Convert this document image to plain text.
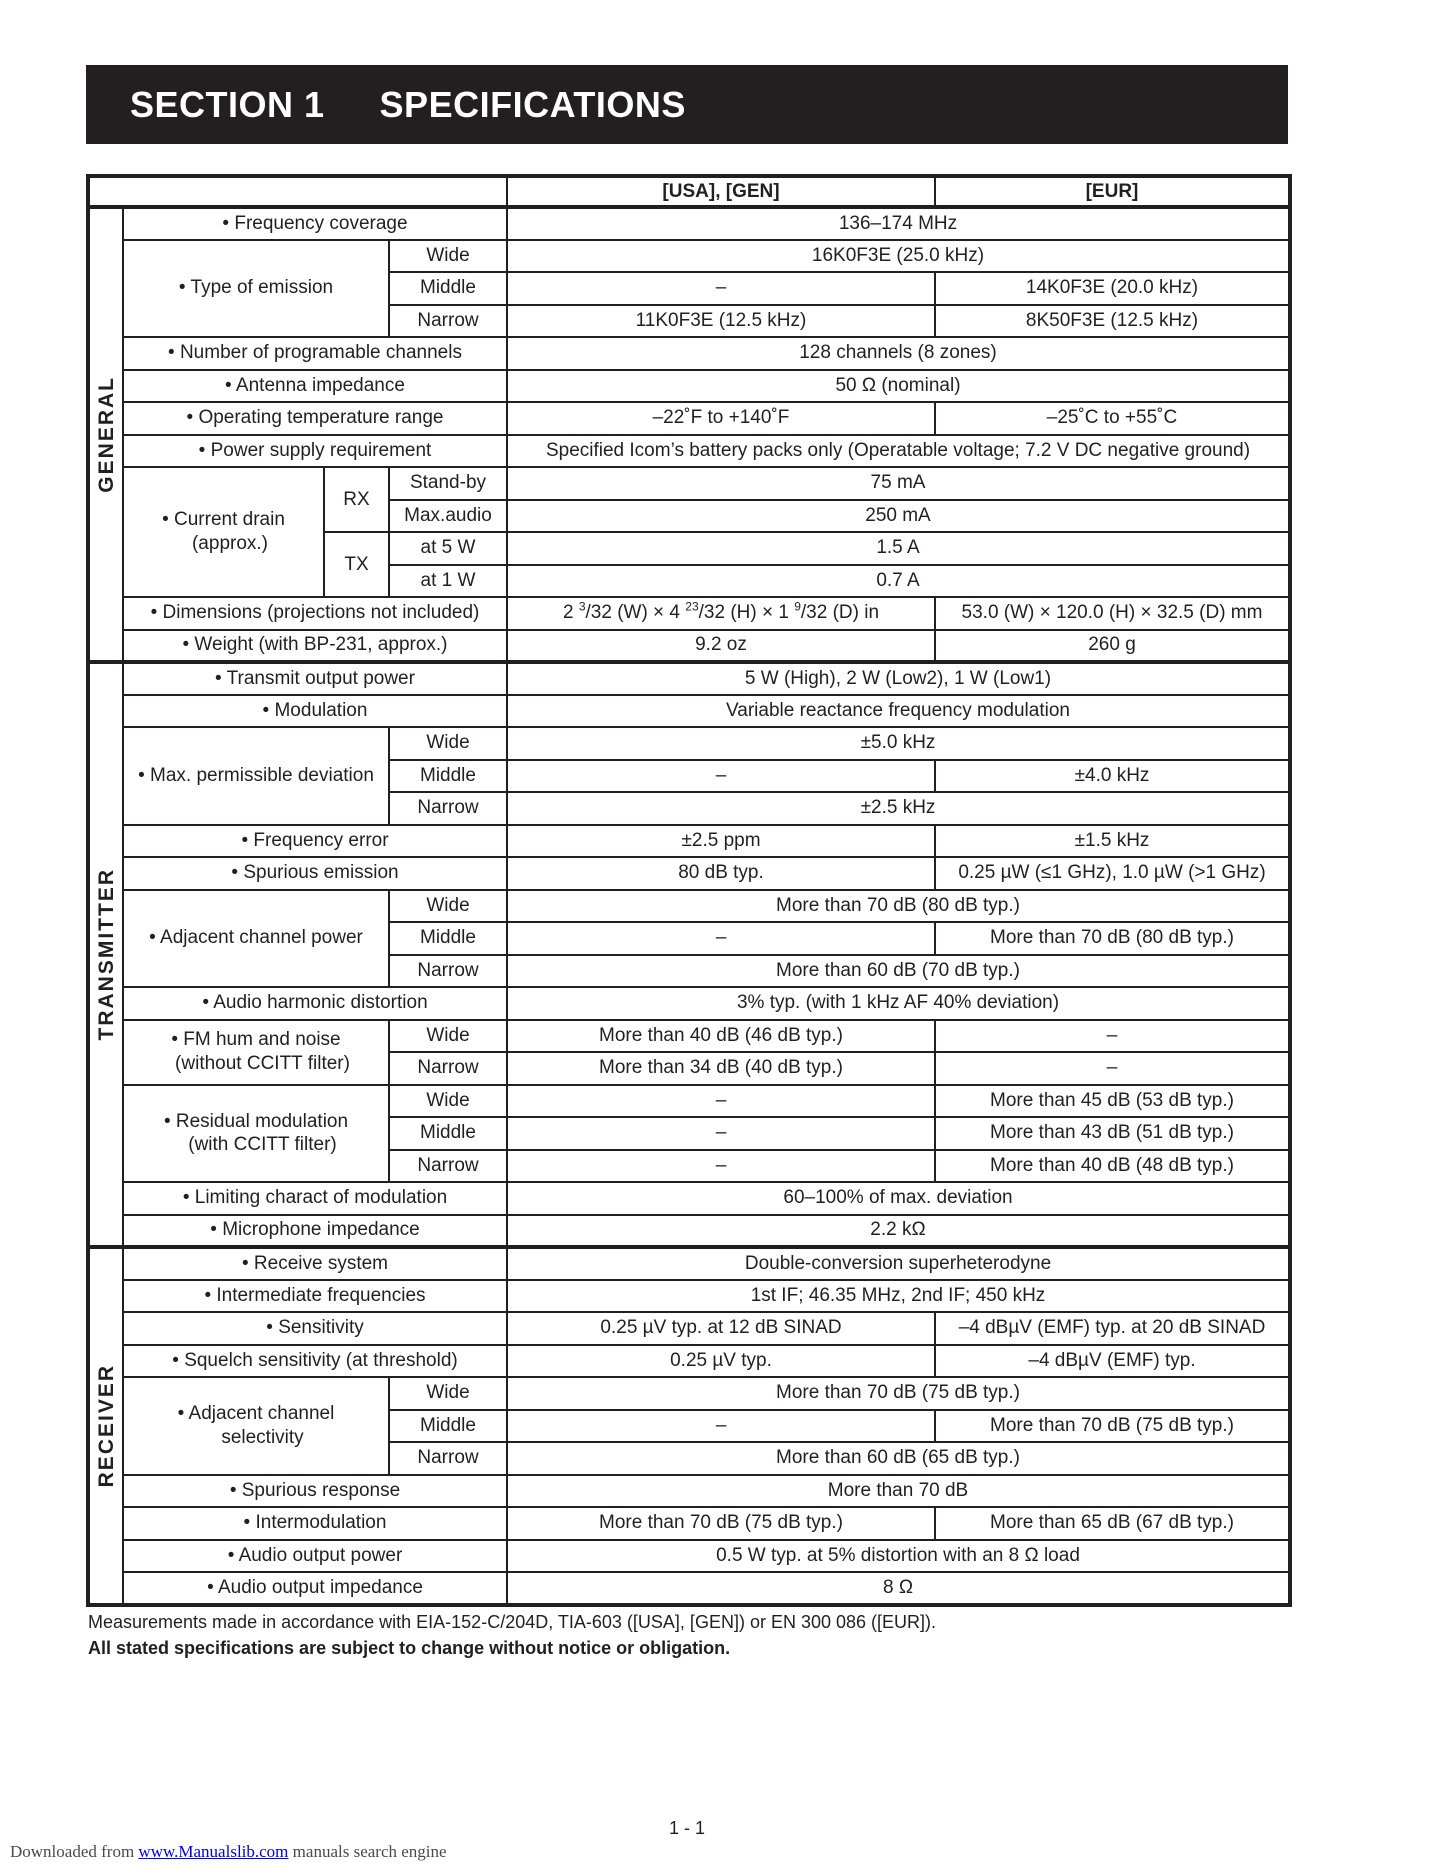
SECTION 1 SPECIFICATIONS
				[USA], [GEN]	[EUR]

GENERAL	• Frequency coverage			136–174 MHz	
	• Type of emission		Wide	16K0F3E (25.0 kHz)	
			Middle	–	14K0F3E (20.0 kHz)
			Narrow	11K0F3E (12.5 kHz)	8K50F3E (12.5 kHz)
	• Number of programable channels			128 channels (8 zones)	
	• Antenna impedance			50 Ω (nominal)	
	• Operating temperature range			–22˚F to +140˚F	–25˚C to +55˚C
	• Power supply requirement			Specified Icom’s battery packs only (Operatable voltage; 7.2 V DC negative ground)	

	• Current drain
(approx.)	RX	Stand-by	75 mA	
			Max.audio	250 mA	
		TX	at 5 W	1.5 A	
			at 1 W	0.7 A	
	• Dimensions (projections not included)			2 $^3$/32 (W) × 4 $^{23}$/32 (H) × 1 $^9$/32 (D) in	53.0 (W) × 120.0 (H) × 32.5 (D) mm
	• Weight (with BP-231, approx.)			9.2 oz	260 g

TRANSMITTER	• Transmit output power			5 W (High), 2 W (Low2), 1 W (Low1)	
	• Modulation			Variable reactance frequency modulation	
	• Max. permissible deviation		Wide	±5.0 kHz	
			Middle	–	±4.0 kHz
			Narrow	±2.5 kHz	
	• Frequency error			±2.5 ppm	±1.5 kHz
	• Spurious emission			80 dB typ.	0.25 µW (≤1 GHz), 1.0 µW (>1 GHz)
	• Adjacent channel power		Wide	More than 70 dB (80 dB typ.)	
			Middle	–	More than 70 dB (80 dB typ.)
			Narrow	More than 60 dB (70 dB typ.)	
	• Audio harmonic distortion			3% typ. (with 1 kHz AF 40% deviation)	

	• FM hum and noise
(without CCITT filter)		Wide	More than 40 dB (46 dB typ.)	–
			Narrow	More than 34 dB (40 dB typ.)	–

	• Residual modulation
(with CCITT filter)		Wide	–	More than 45 dB (53 dB typ.)
			Middle	–	More than 43 dB (51 dB typ.)
			Narrow	–	More than 40 dB (48 dB typ.)
	• Limiting charact of modulation			60–100% of max. deviation	
	• Microphone impedance			2.2 kΩ	

RECEIVER	• Receive system			Double-conversion superheterodyne	
	• Intermediate frequencies			1st IF; 46.35 MHz, 2nd IF; 450 kHz	
	• Sensitivity			0.25 µV typ. at 12 dB SINAD	–4 dBµV (EMF) typ. at 20 dB SINAD
	• Squelch sensitivity (at threshold)			0.25 µV typ.	–4 dBµV (EMF) typ.

	• Adjacent channel
selectivity		Wide	More than 70 dB (75 dB typ.)	
			Middle	–	More than 70 dB (75 dB typ.)
			Narrow	More than 60 dB (65 dB typ.)	
	• Spurious response			More than 70 dB	
	• Intermodulation			More than 70 dB (75 dB typ.)	More than 65 dB (67 dB typ.)
	• Audio output power			0.5 W typ. at 5% distortion with an 8 Ω load	
	• Audio output impedance			8 Ω	
Measurements made in accordance with EIA-152-C/204D, TIA-603 ([USA], [GEN]) or EN 300 086 ([EUR]).
All stated specifications are subject to change without notice or obligation.
1 - 1
Downloaded from www.Manualslib.com manuals search engine
